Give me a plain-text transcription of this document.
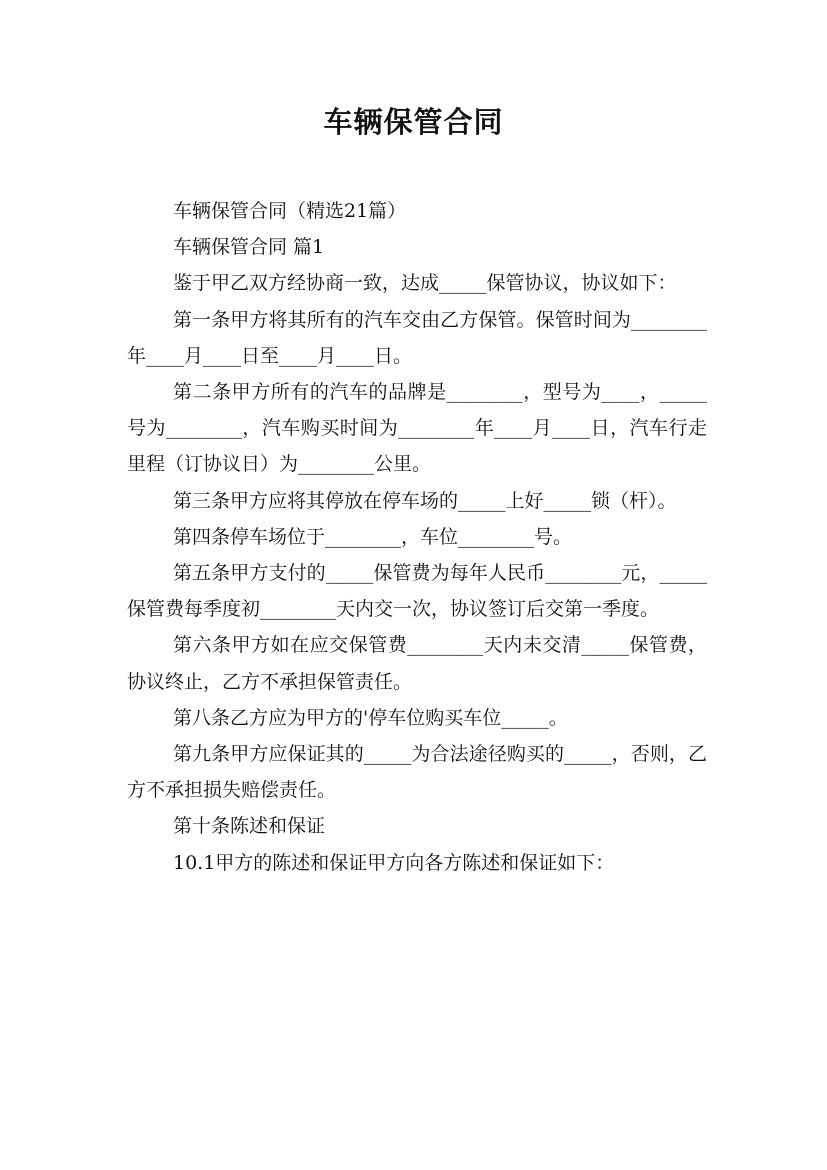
车辆保管合同

车辆保管合同（精选21篇）

车辆保管合同 篇1

鉴于甲乙双方经协商一致，达成_____保管协议，协议如下：

第一条甲方将其所有的汽车交由乙方保管。保管时间为________年____月____日至____月____日。

第二条甲方所有的汽车的品牌是________，型号为____，_____号为________，汽车购买时间为________年____月____日，汽车行走里程（订协议日）为________公里。

第三条甲方应将其停放在停车场的_____上好_____锁（杆）。

第四条停车场位于________，车位________号。

第五条甲方支付的_____保管费为每年人民币________元，_____保管费每季度初________天内交一次，协议签订后交第一季度。

第六条甲方如在应交保管费________天内未交清_____保管费，协议终止，乙方不承担保管责任。

第八条乙方应为甲方的'停车位购买车位_____。

第九条甲方应保证其的_____为合法途径购买的_____，否则，乙方不承担损失赔偿责任。

第十条陈述和保证

10.1甲方的陈述和保证甲方向各方陈述和保证如下：
